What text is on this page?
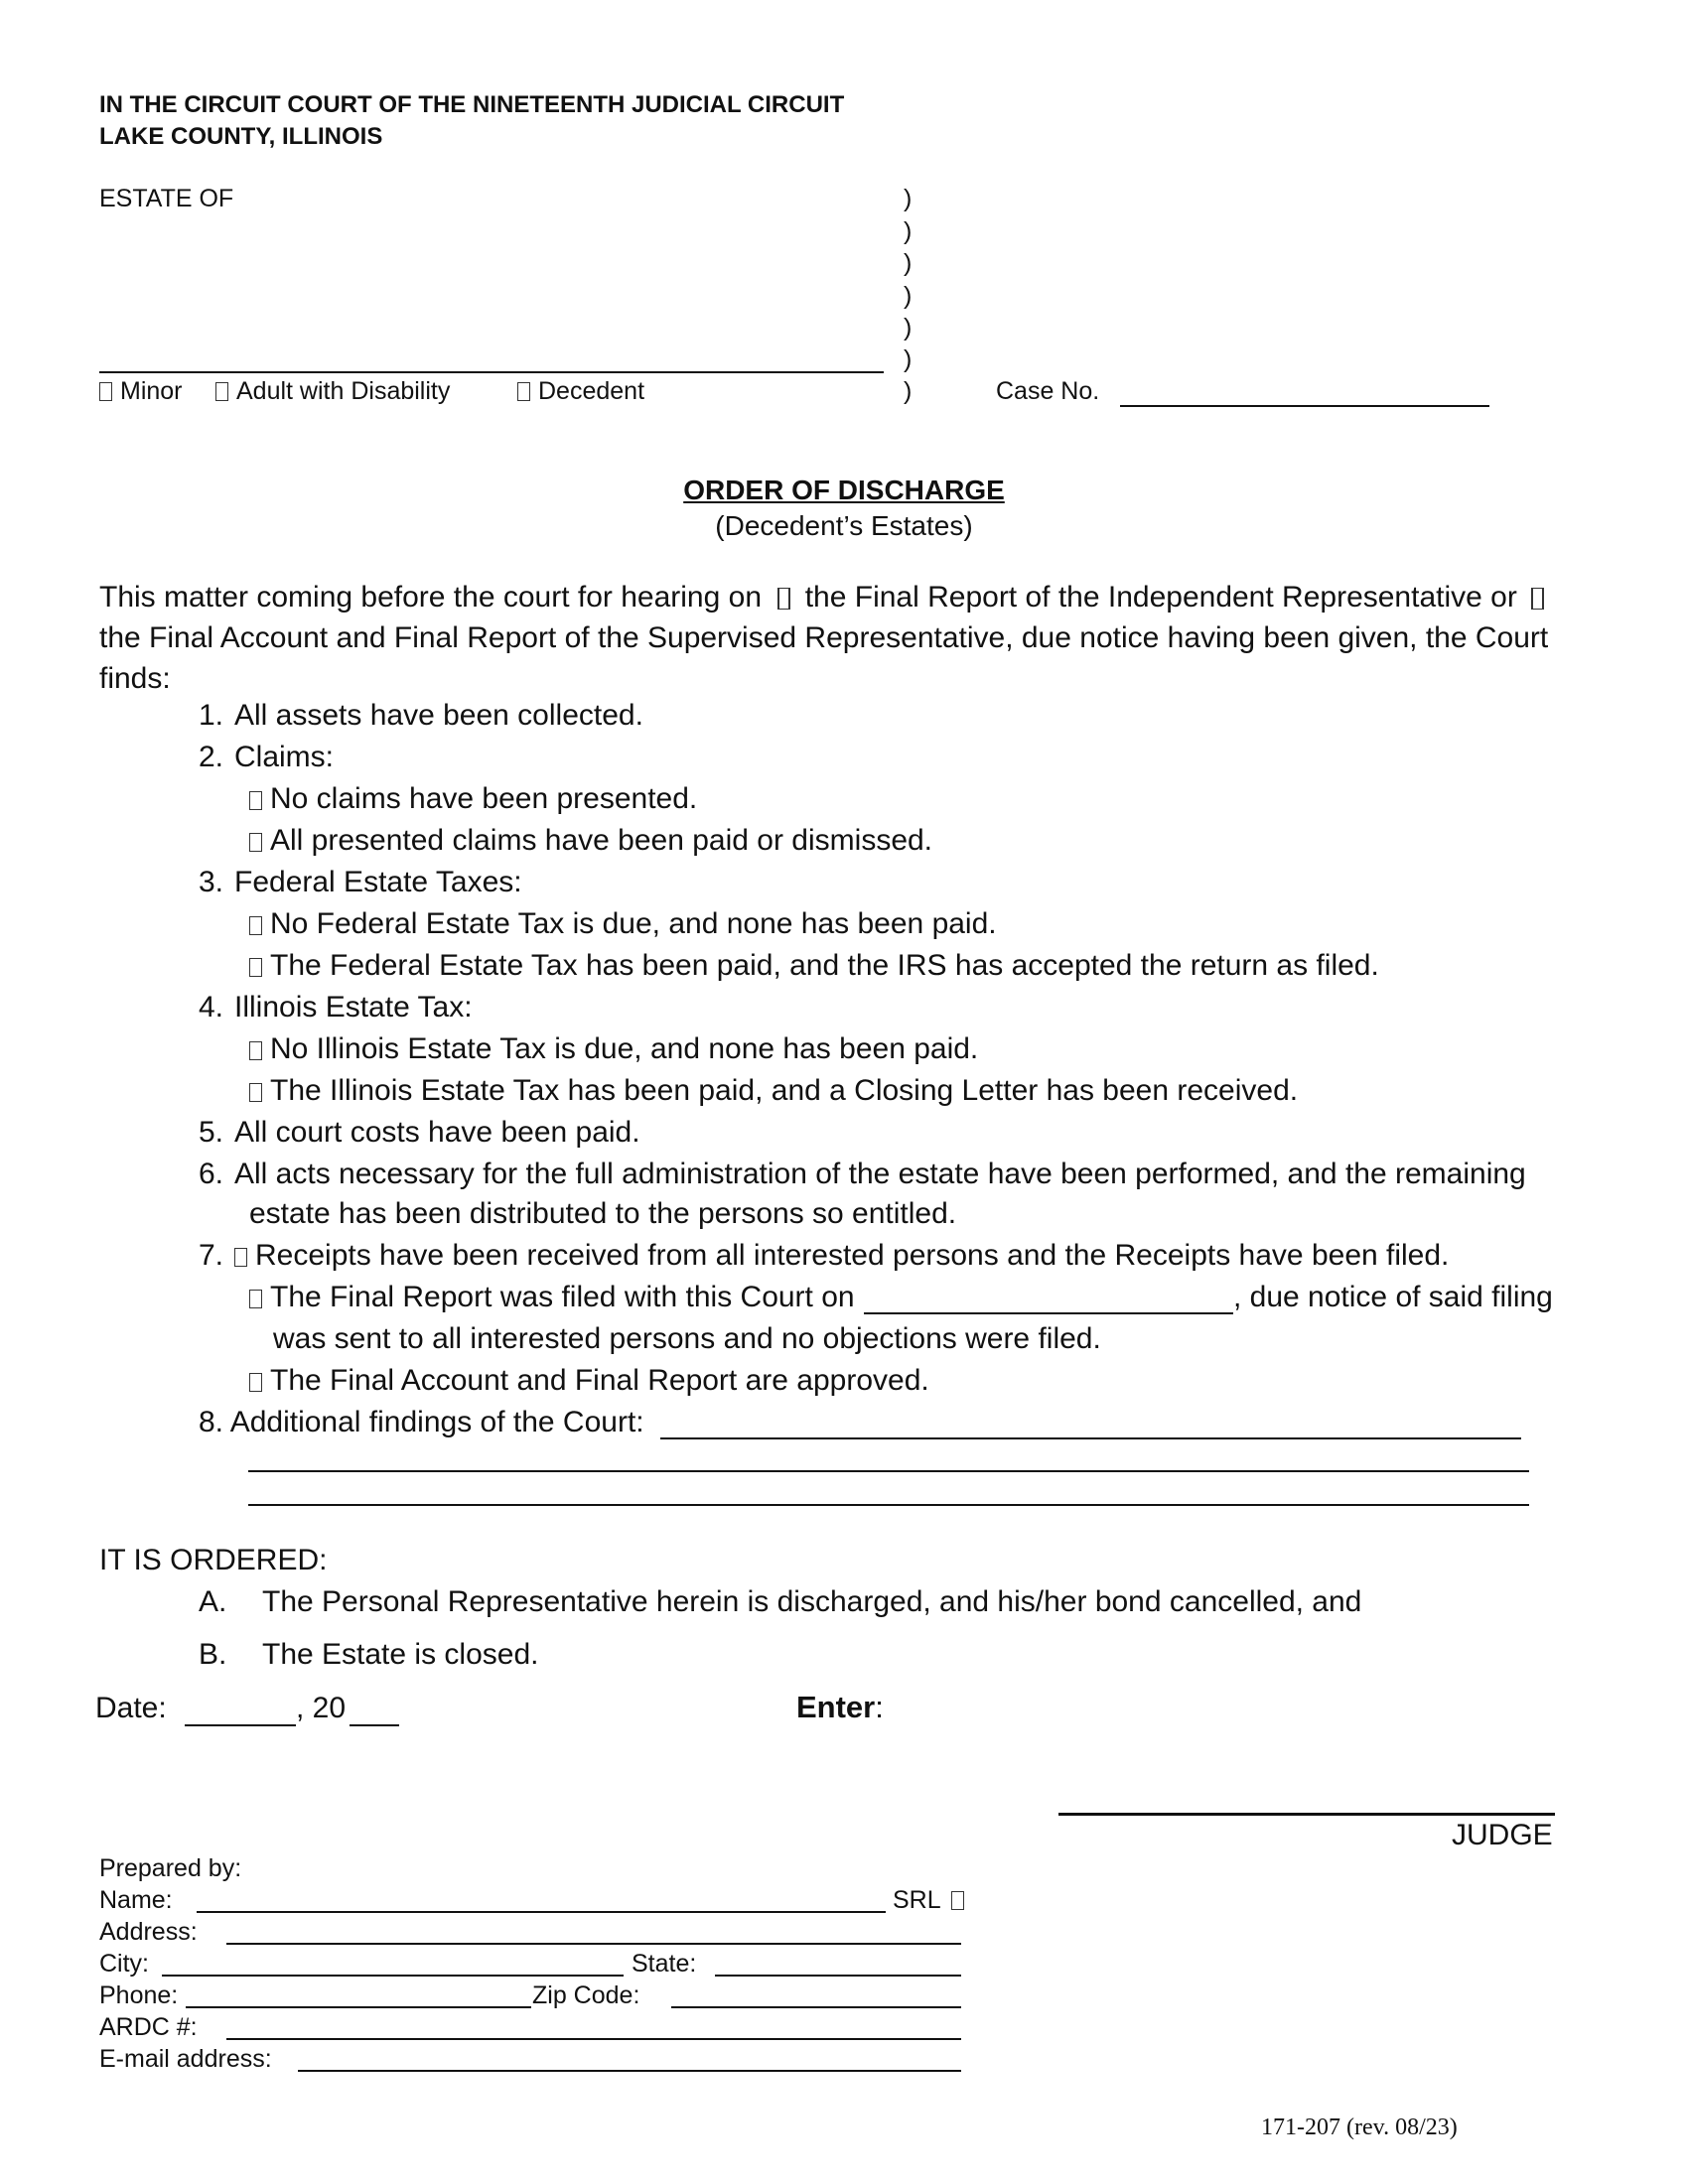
IN THE CIRCUIT COURT OF THE NINETEENTH JUDICIAL CIRCUIT
LAKE COUNTY, ILLINOIS
ESTATE OF	)
)
)
)
)
)
)
Minor	Adult with Disability	Decedent	Case No.
ORDER OF DISCHARGE
(Decedent’s Estates)
This matter coming before the court for hearing on the Final Report of the Independent Representative or  the Final Account and Final Report of the Supervised Representative, due notice having been given, the Court finds:
1. All assets have been collected.
2. Claims:
No claims have been presented.
All presented claims have been paid or dismissed.
3. Federal Estate Taxes:
No Federal Estate Tax is due, and none has been paid.
The Federal Estate Tax has been paid, and the IRS has accepted the return as filed.
4. Illinois Estate Tax:
No Illinois Estate Tax is due, and none has been paid.
The Illinois Estate Tax has been paid, and a Closing Letter has been received.
5. All court costs have been paid.
6. All acts necessary for the full administration of the estate have been performed, and the remaining
estate has been distributed to the persons so entitled.
7. Receipts have been received from all interested persons and the Receipts have been filed.
The Final Report was filed with this Court on	, due notice of said filing
was sent to all interested persons and no objections were filed.
The Final Account and Final Report are approved.
8. Additional findings of the Court:
IT IS ORDERED:
A. The Personal Representative herein is discharged, and his/her bond cancelled, and
B. The Estate is closed.
Date:	, 20	Enter:
JUDGE
Prepared by:
Name:	SRL
Address:
City:	State:
Phone:	Zip Code:
ARDC #:
E-mail address:
171-207 (rev. 08/23)
